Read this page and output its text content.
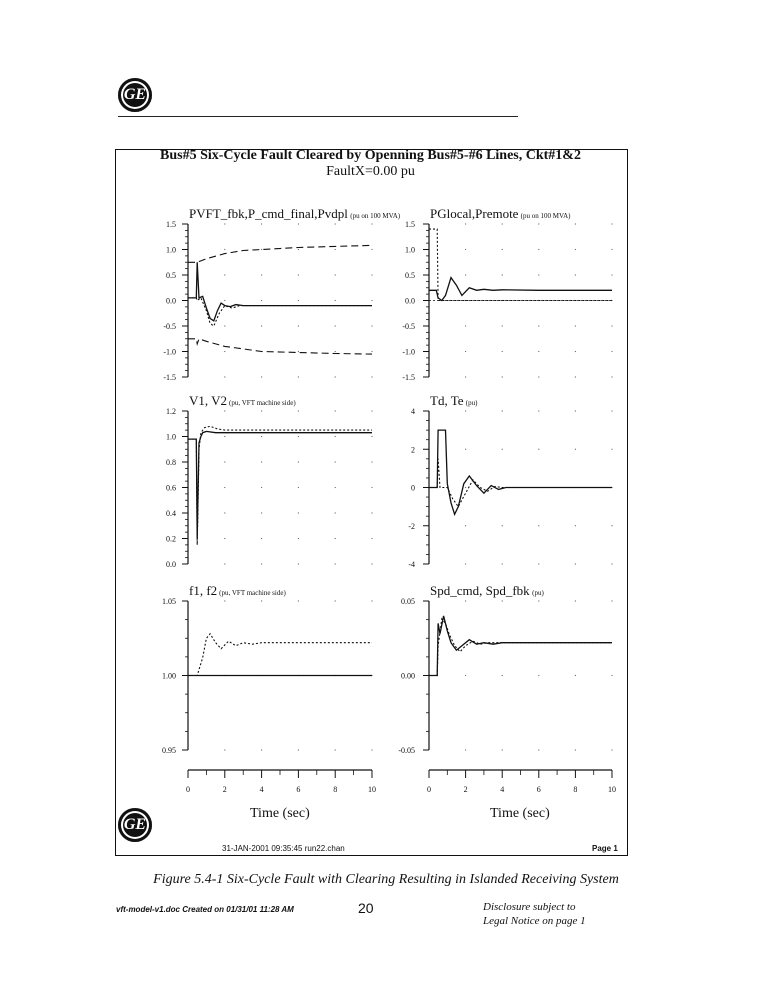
GE
Bus#5 Six-Cycle Fault Cleared by Openning Bus#5-#6 Lines, Ckt#1&2
FaultX=0.00 pu
1.5
1.0
0.5
0.0
-0.5
-1.0
-1.5
PVFT_fbk,P_cmd_final,Pvdpl (pu on 100 MVA)
1.5
1.0
0.5
0.0
-0.5
-1.0
-1.5
PGlocal,Premote (pu on 100 MVA)
1.2
1.0
0.8
0.6
0.4
0.2
0.0
V1, V2 (pu, VFT machine side)
4
2
0
-2
-4
Td, Te (pu)
1.05
1.00
0.95
f1, f2 (pu, VFT machine side)
0.05
0.00
-0.05
Spd_cmd, Spd_fbk (pu)
0	2	4	6	8	10	0	2	4	6	8	10
GE
Time (sec)	Time (sec)
31-JAN-2001 09:35:45 run22.chan	Page 1
Figure 5.4-1 Six-Cycle Fault with Clearing Resulting in Islanded Receiving System
vft-model-v1.doc Created on 01/31/01 11:28 AM	20	Disclosure subject to
Legal Notice on page 1
